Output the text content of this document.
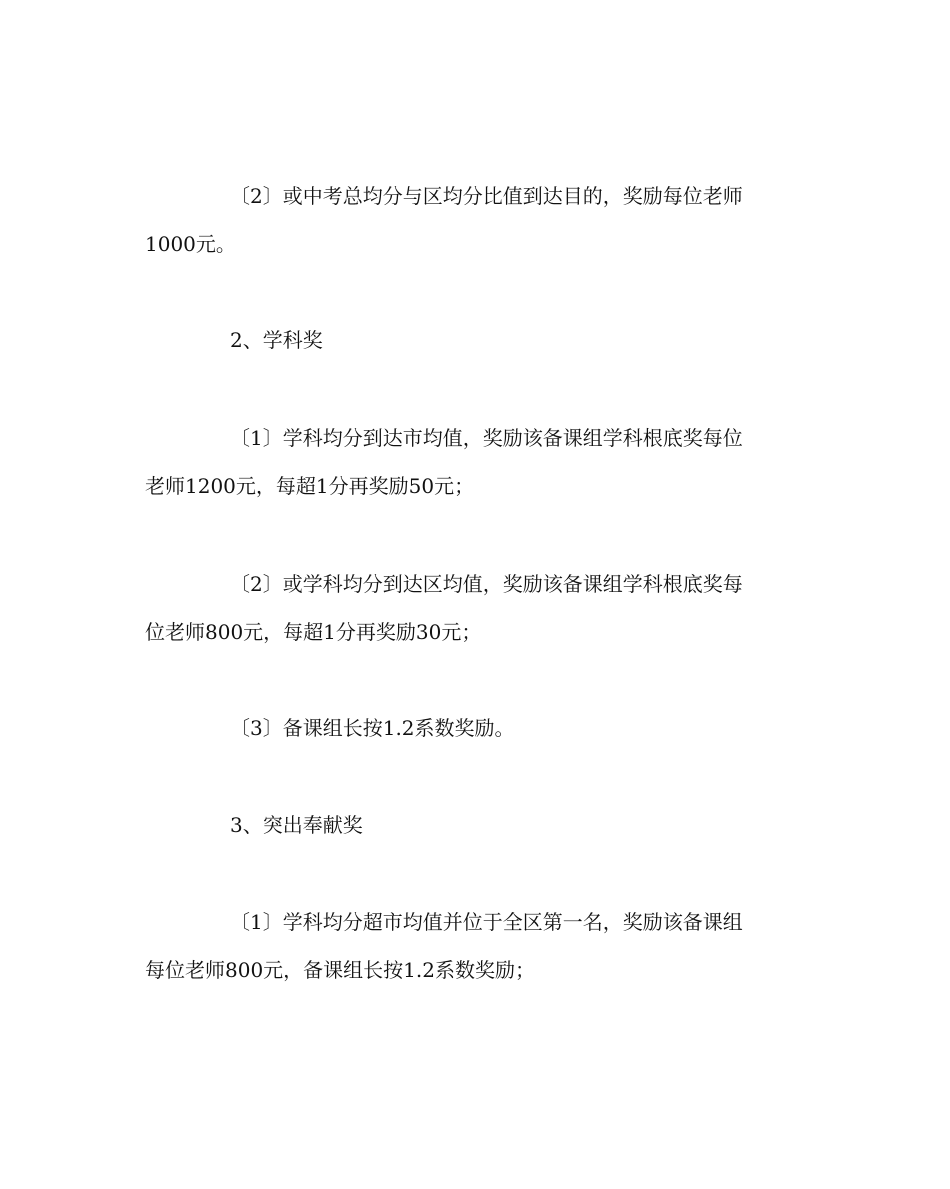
〔2〕或中考总均分与区均分比值到达目的，奖励每位老师
1000元。
2、学科奖
〔1〕学科均分到达市均值，奖励该备课组学科根底奖每位
老师1200元，每超1分再奖励50元；
〔2〕或学科均分到达区均值，奖励该备课组学科根底奖每
位老师800元，每超1分再奖励30元；
〔3〕备课组长按1.2系数奖励。
3、突出奉献奖
〔1〕学科均分超市均值并位于全区第一名，奖励该备课组
每位老师800元，备课组长按1.2系数奖励；
